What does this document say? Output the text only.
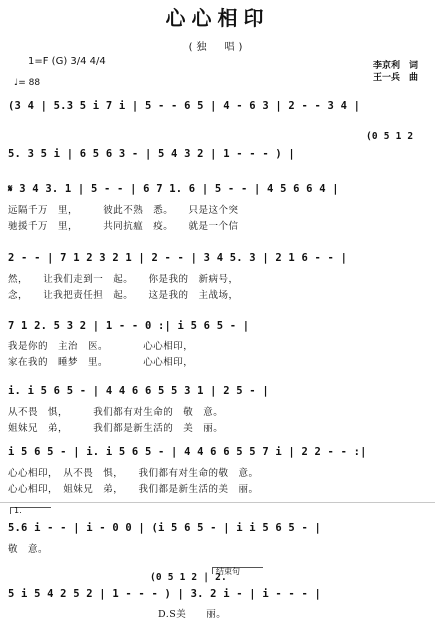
心心相印
(独　唱)
李京利　词
王一兵　曲
1=F (G) 3/4 4/4
♩= 88
(3 4 | 5.3 5 i 7 i | 5 - - 6 5 | 4 - 6 3 | 2 - - 3 4 |
(0 5 1 2
5. 3 5 i | 6 5 6 3 - | 5 4 3 2 | 1 - - - ) |
𝄋 3 4 3. 1 | 5 - - | 6 7 1. 6 | 5 - - | 4 5 6 6 4 |
远隔千万　里，　　　彼此不熟　悉。　　只是这个突
驰援千万　里，　　　共同抗瘟　疫。　　就是一个信
2 - - | 7 1 2 3 2 1 | 2 - - | 3 4 5. 3 | 2 1 6 - - |
然，　　让我们走到一　起。　　你是我的　新病号，
念，　　让我把责任担　起。　　这是我的　主战场，
7 1 2. 5 3 2 | 1 - - 0 :| i 5 6 5 - |
我是你的　主治　医。　　　　心心相印，
家在我的　睡梦　里。　　　　心心相印，
i. i 5 6 5 - | 4 4 6 6 5 5 3 1 | 2 5 - |
从不畏　惧，　　　我们都有对生命的　敬　意。
姐妹兄　弟，　　　我们都是新生活的　美　丽。
i 5 6 5 - | i. i 5 6 5 - | 4 4 6 6 5 5 7 i | 2 2 - - :|
心心相印，　从不畏　惧，　　我们都有对生命的敬　意。
心心相印，　姐妹兄　弟，　　我们都是新生活的美　丽。
1.
5.6 i - - | i - 0 0 | (i 5 6 5 - | i i 5 6 5 - |
敬　意。
结束句
(0 5 1 2 | 2.
5 i 5 4 2 5 2 | 1 - - - ) | 3. 2 i - | i - - - |
　　　　　　　　　　　　　　　D.S美　　丽。
